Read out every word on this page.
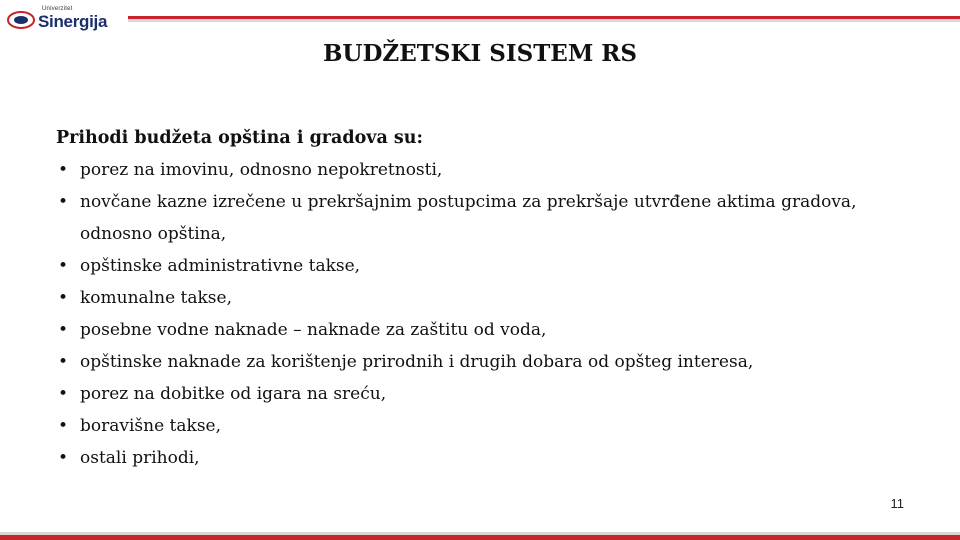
Univerzitet
Sinergija
BUDŽETSKI SISTEM RS
Prihodi budžeta opština i gradova su:
• porez na imovinu, odnosno nepokretnosti,
• novčane kazne izrečene u prekršajnim postupcima za prekršaje utvrđene aktima gradova, odnosno opština,
• opštinske administrativne takse,
• komunalne takse,
• posebne vodne naknade – naknade za zaštitu od voda,
• opštinske naknade za korištenje prirodnih i drugih dobara od opšteg interesa,
• porez na dobitke od igara na sreću,
• boravišne takse,
• ostali prihodi,
11
